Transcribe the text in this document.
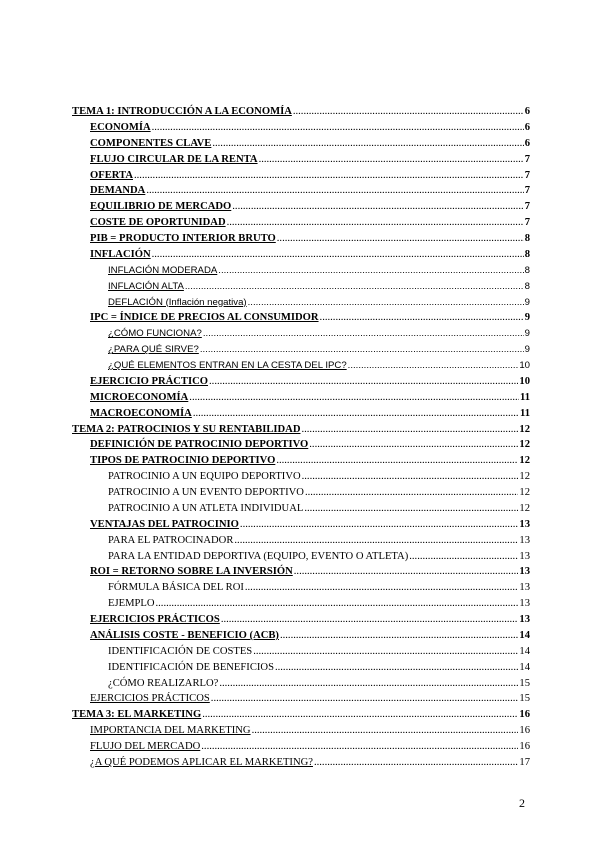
TEMA 1: INTRODUCCIÓN A LA ECONOMÍA .....	6
ECONOMÍA .....	6
COMPONENTES CLAVE .....	6
FLUJO CIRCULAR DE LA RENTA .....	7
OFERTA .....	7
DEMANDA .....	7
EQUILIBRIO DE MERCADO .....	7
COSTE DE OPORTUNIDAD .....	7
PIB = PRODUCTO INTERIOR BRUTO .....	8
INFLACIÓN .....	8
INFLACIÓN MODERADA .....	8
INFLACIÓN ALTA .....	8
DEFLACIÓN (Inflación negativa) .....	9
IPC = ÍNDICE DE PRECIOS AL CONSUMIDOR .....	9
¿CÓMO FUNCIONA? .....	9
¿PARA QUÉ SIRVE? .....	9
¿QUÉ ELEMENTOS ENTRAN EN LA CESTA DEL IPC? .....	10
EJERCICIO PRÁCTICO .....	10
MICROECONOMÍA .....	11
MACROECONOMÍA .....	11
TEMA 2: PATROCINIOS Y SU RENTABILIDAD .....	12
DEFINICIÓN DE PATROCINIO DEPORTIVO .....	12
TIPOS DE PATROCINIO DEPORTIVO .....	12
PATROCINIO A UN EQUIPO DEPORTIVO .....	12
PATROCINIO A UN EVENTO DEPORTIVO .....	12
PATROCINIO A UN ATLETA INDIVIDUAL .....	12
VENTAJAS DEL PATROCINIO .....	13
PARA EL PATROCINADOR .....	13
PARA LA ENTIDAD DEPORTIVA (EQUIPO, EVENTO O ATLETA) .....	13
ROI = RETORNO SOBRE LA INVERSIÓN .....	13
FÓRMULA BÁSICA DEL ROI .....	13
EJEMPLO .....	13
EJERCICIOS PRÁCTICOS .....	13
ANÁLISIS COSTE - BENEFICIO (ACB) .....	14
IDENTIFICACIÓN DE COSTES .....	14
IDENTIFICACIÓN DE BENEFICIOS .....	14
¿CÓMO REALIZARLO? .....	15
EJERCICIOS PRÁCTICOS .....	15
TEMA 3: EL MARKETING .....	16
IMPORTANCIA DEL MARKETING .....	16
FLUJO DEL MERCADO .....	16
¿A QUÉ PODEMOS APLICAR EL MARKETING? .....	17
2
